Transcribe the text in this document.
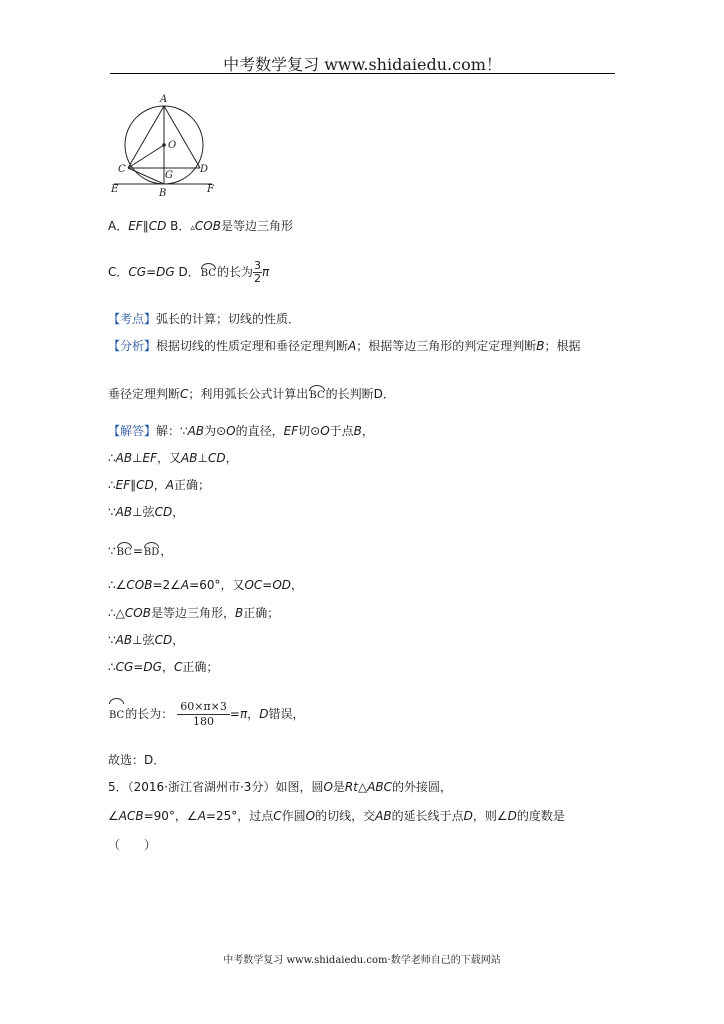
中考数学复习 www.shidaiedu.com！
A
O
C	D
G
E	B	F
A．EF∥CD B．▵COB是等边三角形
C．CG=DG D．BC的长为 $\frac{3}{2}$ π
【考点】弧长的计算；切线的性质．
【分析】根据切线的性质定理和垂径定理判断A；根据等边三角形的判定定理判断B；根据
垂径定理判断C；利用弧长公式计算出BC的长判断D．
【解答】解：∵AB为⊙O的直径，EF切⊙O于点B，
∴AB⊥EF，又AB⊥CD，
∴EF∥CD，A正确；
∵AB⊥弦CD，
∵BC=BD，
∴∠COB=2∠A=60°，又OC=OD，
∴△COB是等边三角形，B正确；
∵AB⊥弦CD，
∴CG=DG，C正确；
BC的长为： $\frac{60\times\pi\times 3}{180} =\pi$，D错误，
故选：D．
5．（2016·浙江省湖州市·3分）如图，圆O是Rt△ABC的外接圆，
∠ACB=90°，∠A=25°，过点C作圆O的切线，交AB的延长线于点D，则∠D的度数是
（　　）
中考数学复习 www.shidaiedu.com·数学老师自己的下载网站
